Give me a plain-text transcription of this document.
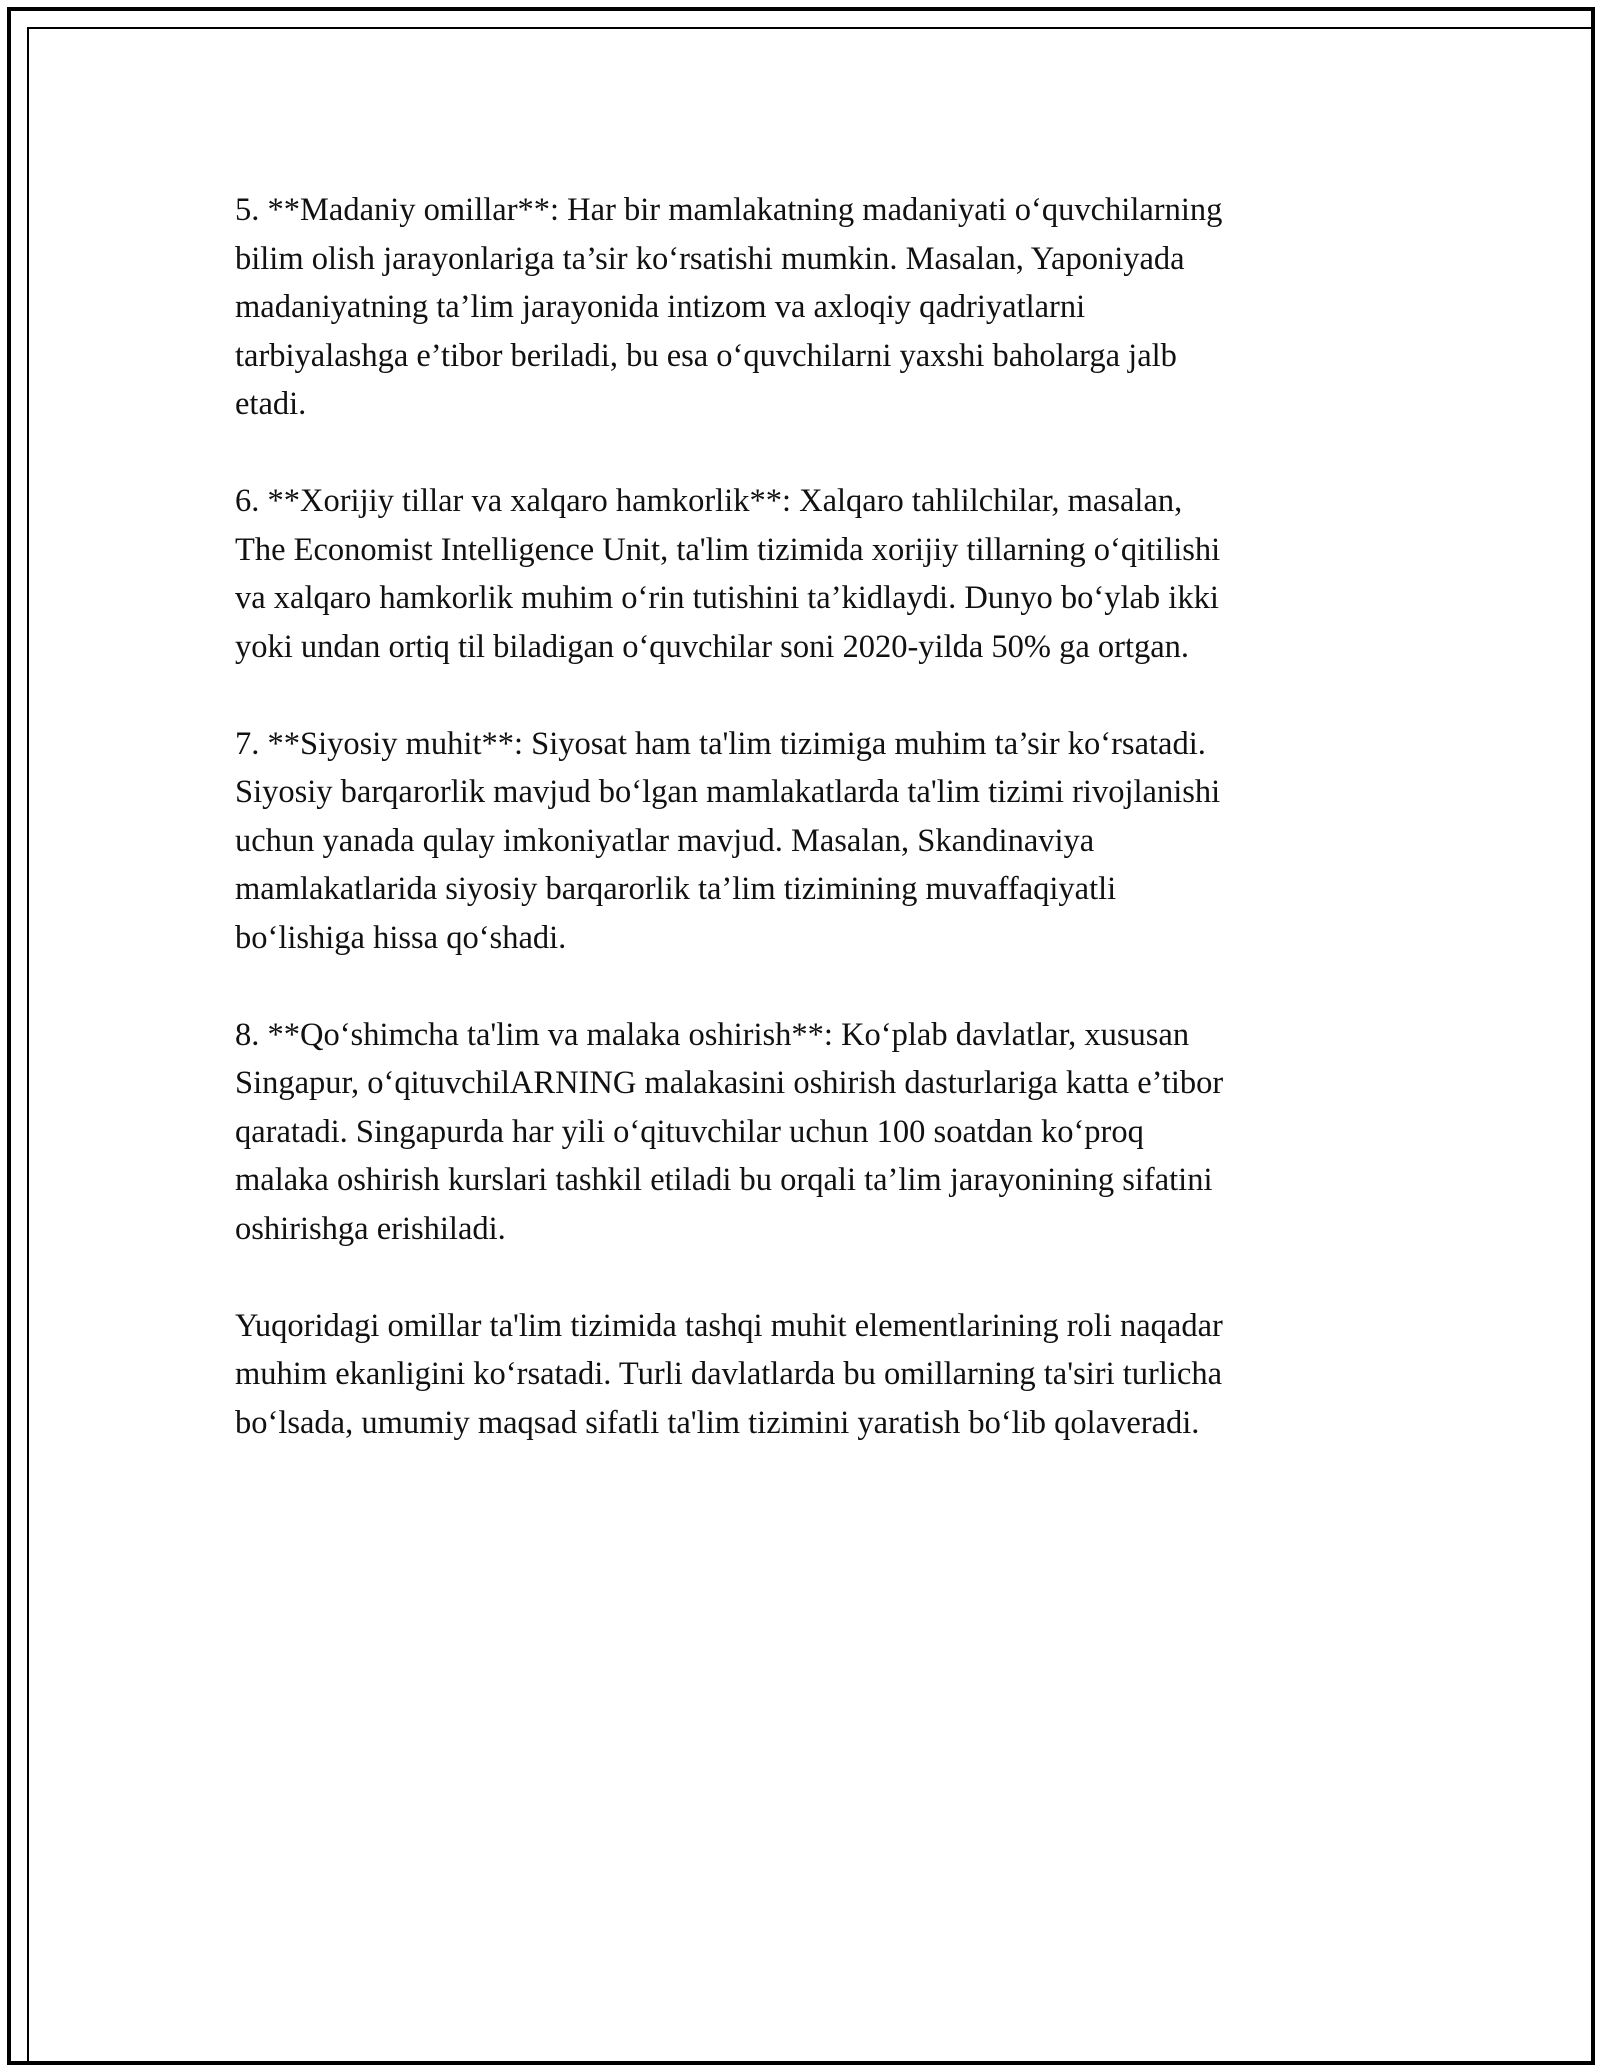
5. **Madaniy omillar**: Har bir mamlakatning madaniyati o‘quvchilarning
bilim olish jarayonlariga ta’sir ko‘rsatishi mumkin. Masalan, Yaponiyada
madaniyatning ta’lim jarayonida intizom va axloqiy qadriyatlarni
tarbiyalashga e’tibor beriladi, bu esa o‘quvchilarni yaxshi baholarga jalb
etadi.

6. **Xorijiy tillar va xalqaro hamkorlik**: Xalqaro tahlilchilar, masalan,
The Economist Intelligence Unit, ta'lim tizimida xorijiy tillarning o‘qitilishi
va xalqaro hamkorlik muhim o‘rin tutishini ta’kidlaydi. Dunyo bo‘ylab ikki
yoki undan ortiq til biladigan o‘quvchilar soni 2020-yilda 50% ga ortgan.

7. **Siyosiy muhit**: Siyosat ham ta'lim tizimiga muhim ta’sir ko‘rsatadi.
Siyosiy barqarorlik mavjud bo‘lgan mamlakatlarda ta'lim tizimi rivojlanishi
uchun yanada qulay imkoniyatlar mavjud. Masalan, Skandinaviya
mamlakatlarida siyosiy barqarorlik ta’lim tizimining muvaffaqiyatli
bo‘lishiga hissa qo‘shadi.

8. **Qo‘shimcha ta'lim va malaka oshirish**: Ko‘plab davlatlar, xususan
Singapur, o‘qituvchilARNING malakasini oshirish dasturlariga katta e’tibor
qaratadi. Singapurda har yili o‘qituvchilar uchun 100 soatdan ko‘proq
malaka oshirish kurslari tashkil etiladi bu orqali ta’lim jarayonining sifatini
oshirishga erishiladi.

Yuqoridagi omillar ta'lim tizimida tashqi muhit elementlarining roli naqadar
muhim ekanligini ko‘rsatadi. Turli davlatlarda bu omillarning ta'siri turlicha
bo‘lsada, umumiy maqsad sifatli ta'lim tizimini yaratish bo‘lib qolaveradi.
